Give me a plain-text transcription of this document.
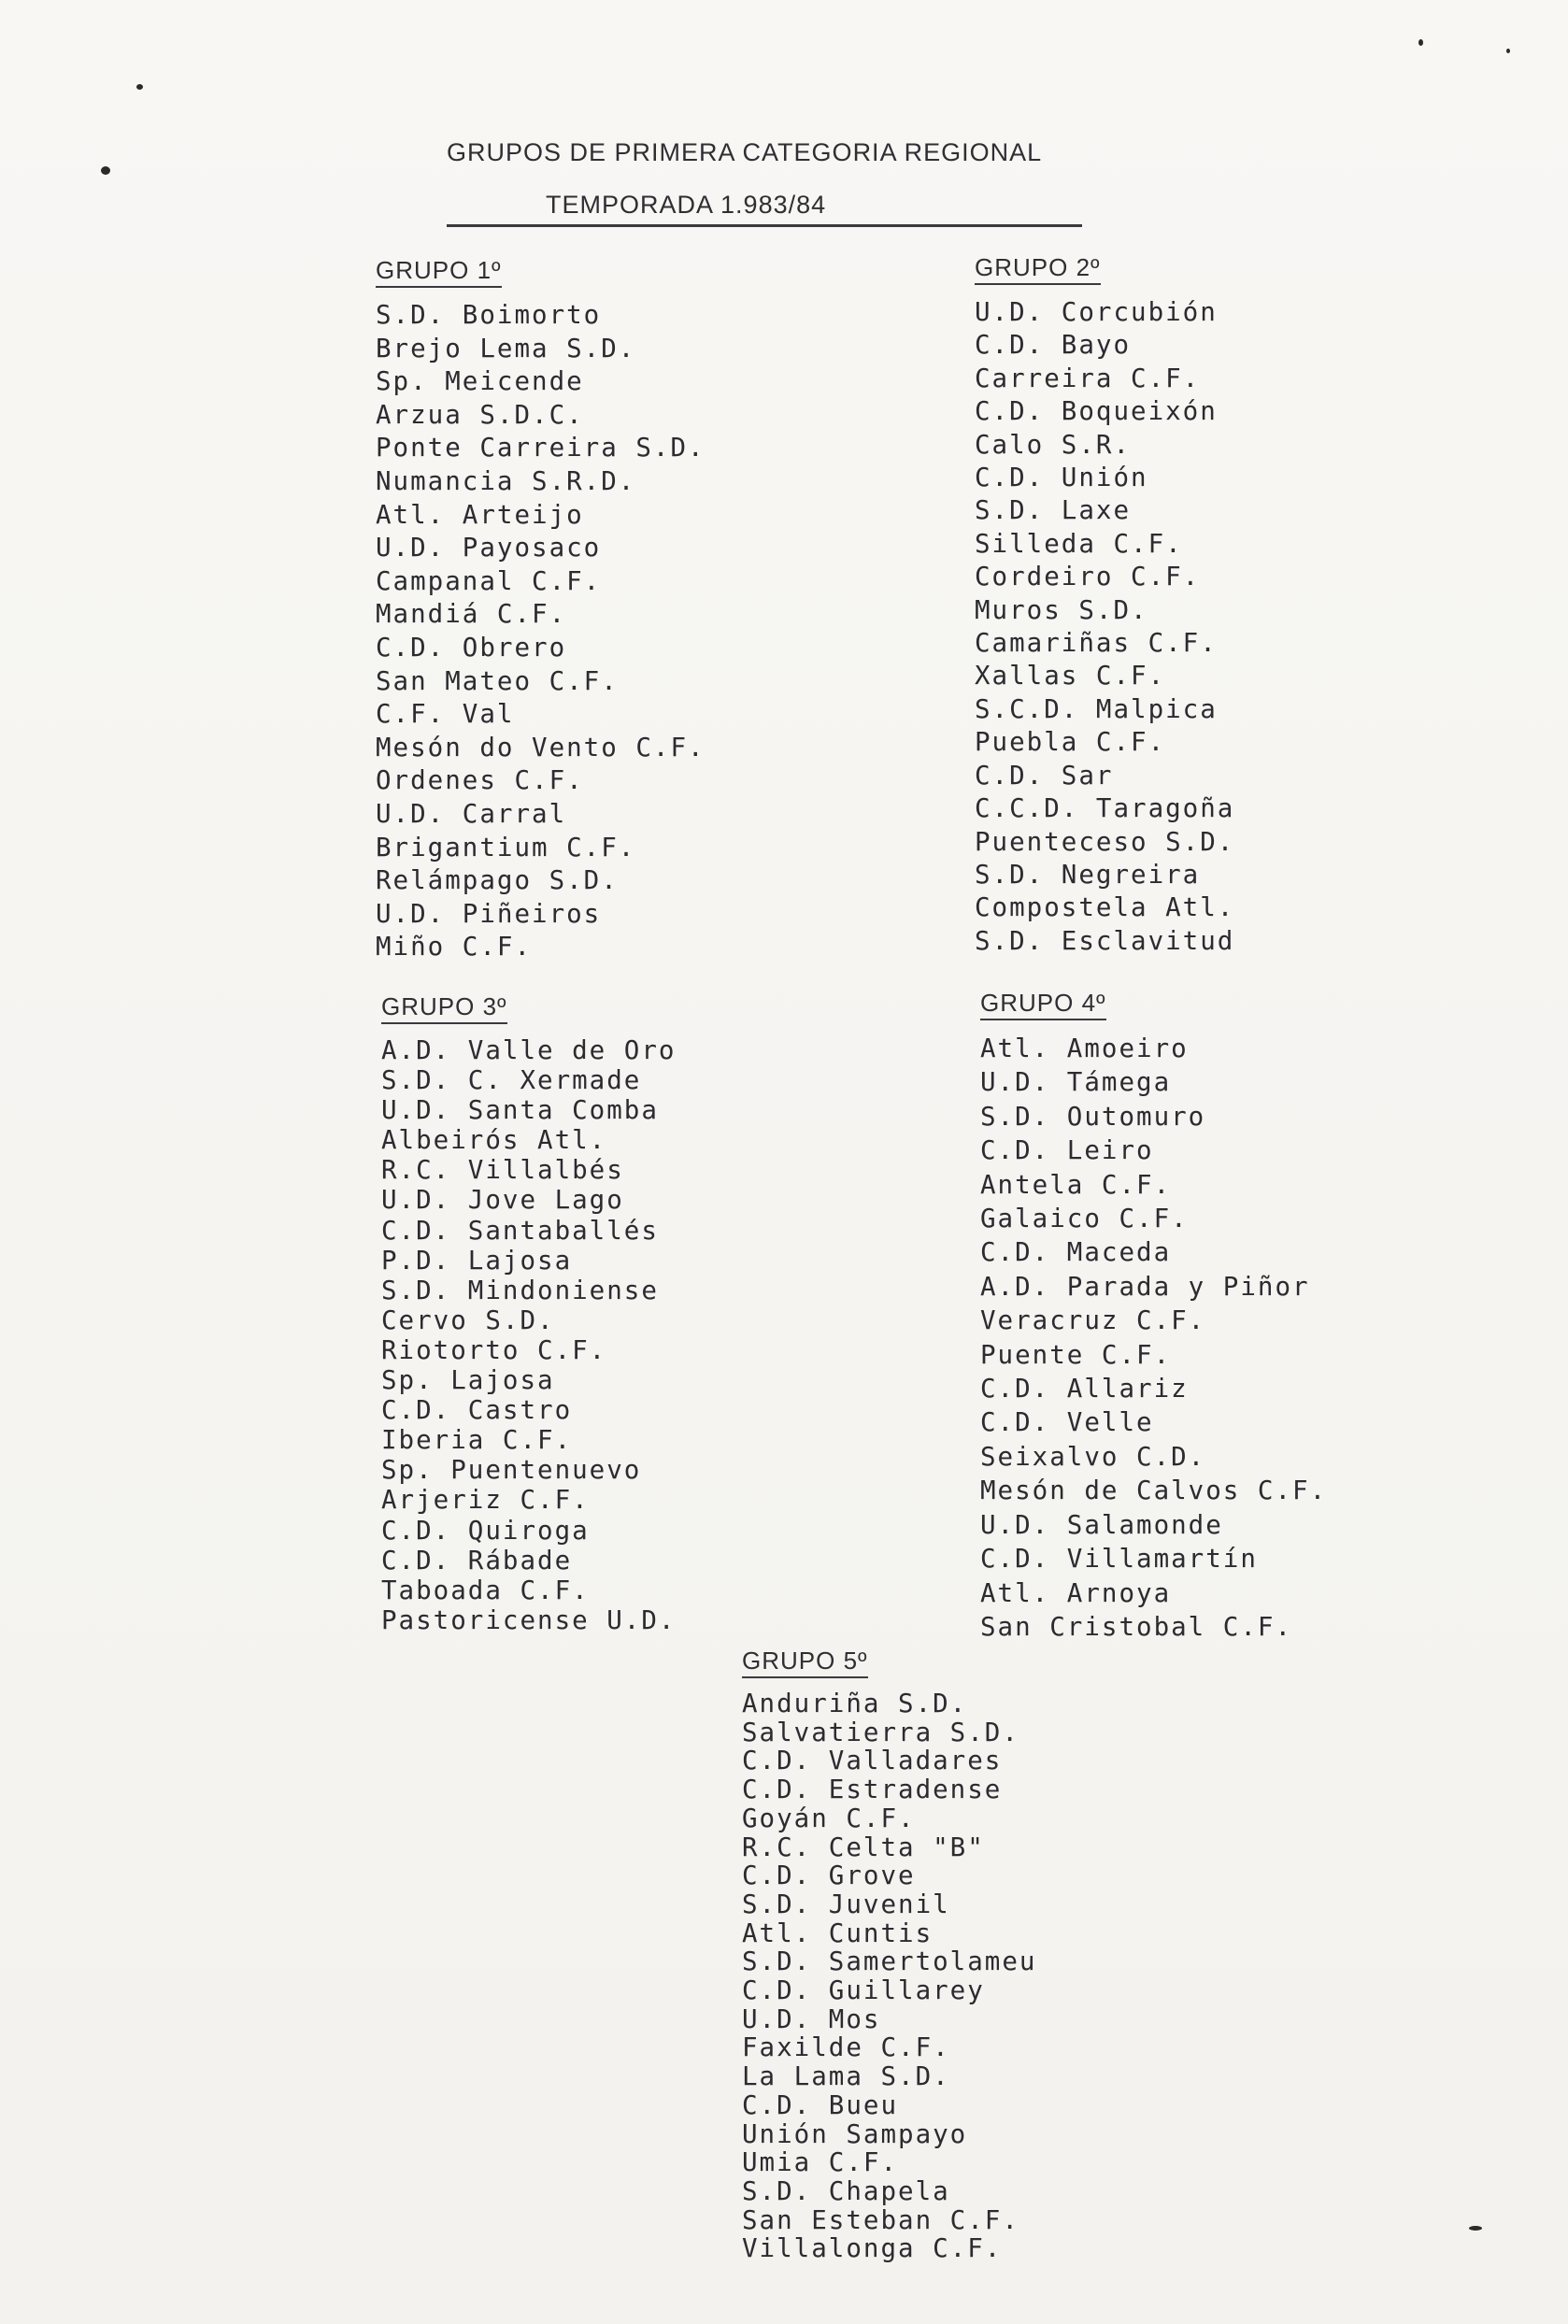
GRUPOS DE PRIMERA CATEGORIA REGIONAL
TEMPORADA 1.983/84
GRUPO 1º
S.D. Boimorto
Brejo Lema S.D.
Sp. Meicende
Arzua S.D.C.
Ponte Carreira S.D.
Numancia S.R.D.
Atl. Arteijo
U.D. Payosaco
Campanal C.F.
Mandiá C.F.
C.D. Obrero
San Mateo C.F.
C.F. Val
Mesón do Vento C.F.
Ordenes C.F.
U.D. Carral
Brigantium C.F.
Relámpago S.D.
U.D. Piñeiros
Miño C.F.
GRUPO 2º
U.D. Corcubión
C.D. Bayo
Carreira C.F.
C.D. Boqueixón
Calo S.R.
C.D. Unión
S.D. Laxe
Silleda C.F.
Cordeiro C.F.
Muros S.D.
Camariñas C.F.
Xallas C.F.
S.C.D. Malpica
Puebla C.F.
C.D. Sar
C.C.D. Taragoña
Puenteceso S.D.
S.D. Negreira
Compostela Atl.
S.D. Esclavitud
GRUPO 3º
A.D. Valle de Oro
S.D. C. Xermade
U.D. Santa Comba
Albeirós Atl.
R.C. Villalbés
U.D. Jove Lago
C.D. Santaballés
P.D. Lajosa
S.D. Mindoniense
Cervo S.D.
Riotorto C.F.
Sp. Lajosa
C.D. Castro
Iberia C.F.
Sp. Puentenuevo
Arjeriz C.F.
C.D. Quiroga
C.D. Rábade
Taboada C.F.
Pastoricense U.D.
GRUPO 4º
Atl. Amoeiro
U.D. Támega
S.D. Outomuro
C.D. Leiro
Antela C.F.
Galaico C.F.
C.D. Maceda
A.D. Parada y Piñor
Veracruz C.F.
Puente C.F.
C.D. Allariz
C.D. Velle
Seixalvo C.D.
Mesón de Calvos C.F.
U.D. Salamonde
C.D. Villamartín
Atl. Arnoya
San Cristobal C.F.
GRUPO 5º
Anduriña S.D.
Salvatierra S.D.
C.D. Valladares
C.D. Estradense
Goyán C.F.
R.C. Celta "B"
C.D. Grove
S.D. Juvenil
Atl. Cuntis
S.D. Samertolameu
C.D. Guillarey
U.D. Mos
Faxilde C.F.
La Lama S.D.
C.D. Bueu
Unión Sampayo
Umia C.F.
S.D. Chapela
San Esteban C.F.
Villalonga C.F.
